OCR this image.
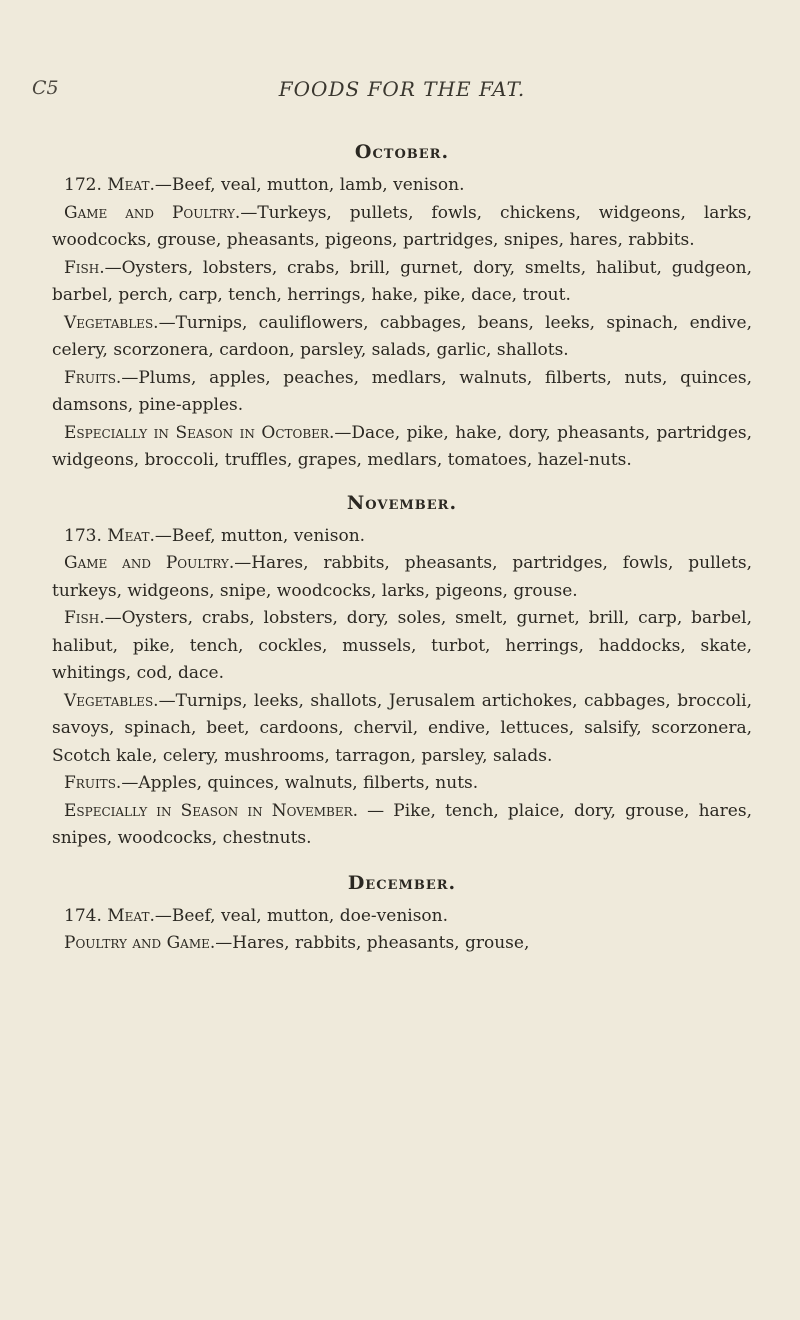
C5	FOODS FOR THE FAT.
October.

172. Meat.—Beef, veal, mutton, lamb, venison.

Game and Poultry.—Turkeys, pullets, fowls, chickens, widgeons, larks, woodcocks, grouse, pheasants, pigeons, partridges, snipes, hares, rabbits.

Fish.—Oysters, lobsters, crabs, brill, gurnet, dory, smelts, halibut, gudgeon, barbel, perch, carp, tench, herrings, hake, pike, dace, trout.

Vegetables.—Turnips, cauliflowers, cabbages, beans, leeks, spinach, endive, celery, scorzonera, cardoon, parsley, salads, garlic, shallots.

Fruits.—Plums, apples, peaches, medlars, walnuts, filberts, nuts, quinces, damsons, pine-apples.

Especially in Season in October.—Dace, pike, hake, dory, pheasants, partridges, widgeons, broccoli, truffles, grapes, medlars, tomatoes, hazel-nuts.

November.

173. Meat.—Beef, mutton, venison.

Game and Poultry.—Hares, rabbits, pheasants, partridges, fowls, pullets, turkeys, widgeons, snipe, woodcocks, larks, pigeons, grouse.

Fish.—Oysters, crabs, lobsters, dory, soles, smelt, gurnet, brill, carp, barbel, halibut, pike, tench, cockles, mussels, turbot, herrings, haddocks, skate, whitings, cod, dace.

Vegetables.—Turnips, leeks, shallots, Jerusalem artichokes, cabbages, broccoli, savoys, spinach, beet, cardoons, chervil, endive, lettuces, salsify, scorzonera, Scotch kale, celery, mushrooms, tarragon, parsley, salads.

Fruits.—Apples, quinces, walnuts, filberts, nuts.

Especially in Season in November. — Pike, tench, plaice, dory, grouse, hares, snipes, woodcocks, chestnuts.

December.

174. Meat.—Beef, veal, mutton, doe-venison.

Poultry and Game.—Hares, rabbits, pheasants, grouse,
